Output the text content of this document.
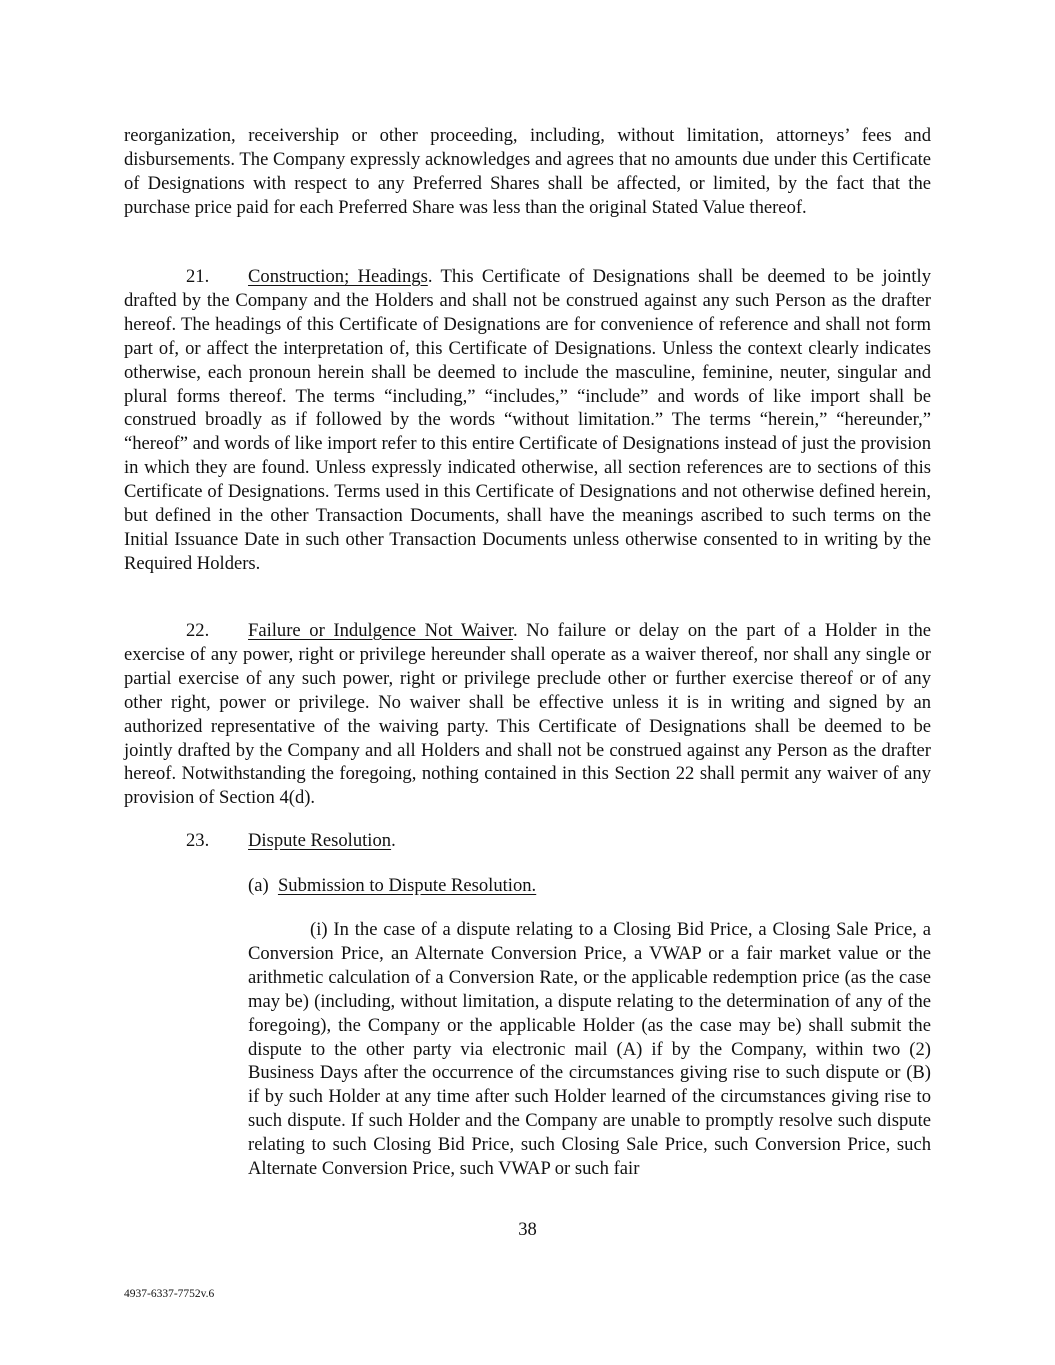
reorganization, receivership or other proceeding, including, without limitation, attorneys’ fees and disbursements. The Company expressly acknowledges and agrees that no amounts due under this Certificate of Designations with respect to any Preferred Shares shall be affected, or limited, by the fact that the purchase price paid for each Preferred Share was less than the original Stated Value thereof.

21. Construction; Headings. This Certificate of Designations shall be deemed to be jointly drafted by the Company and the Holders and shall not be construed against any such Person as the drafter hereof. The headings of this Certificate of Designations are for convenience of reference and shall not form part of, or affect the interpretation of, this Certificate of Designations. Unless the context clearly indicates otherwise, each pronoun herein shall be deemed to include the masculine, feminine, neuter, singular and plural forms thereof. The terms “including,” “includes,” “include” and words of like import shall be construed broadly as if followed by the words “without limitation.” The terms “herein,” “hereunder,” “hereof” and words of like import refer to this entire Certificate of Designations instead of just the provision in which they are found. Unless expressly indicated otherwise, all section references are to sections of this Certificate of Designations. Terms used in this Certificate of Designations and not otherwise defined herein, but defined in the other Transaction Documents, shall have the meanings ascribed to such terms on the Initial Issuance Date in such other Transaction Documents unless otherwise consented to in writing by the Required Holders.

22. Failure or Indulgence Not Waiver. No failure or delay on the part of a Holder in the exercise of any power, right or privilege hereunder shall operate as a waiver thereof, nor shall any single or partial exercise of any such power, right or privilege preclude other or further exercise thereof or of any other right, power or privilege. No waiver shall be effective unless it is in writing and signed by an authorized representative of the waiving party. This Certificate of Designations shall be deemed to be jointly drafted by the Company and all Holders and shall not be construed against any Person as the drafter hereof. Notwithstanding the foregoing, nothing contained in this Section 22 shall permit any waiver of any provision of Section 4(d).

23. Dispute Resolution.

(a) Submission to Dispute Resolution.

(i) In the case of a dispute relating to a Closing Bid Price, a Closing Sale Price, a Conversion Price, an Alternate Conversion Price, a VWAP or a fair market value or the arithmetic calculation of a Conversion Rate, or the applicable redemption price (as the case may be) (including, without limitation, a dispute relating to the determination of any of the foregoing), the Company or the applicable Holder (as the case may be) shall submit the dispute to the other party via electronic mail (A) if by the Company, within two (2) Business Days after the occurrence of the circumstances giving rise to such dispute or (B) if by such Holder at any time after such Holder learned of the circumstances giving rise to such dispute. If such Holder and the Company are unable to promptly resolve such dispute relating to such Closing Bid Price, such Closing Sale Price, such Conversion Price, such Alternate Conversion Price, such VWAP or such fair

38

4937-6337-7752v.6
